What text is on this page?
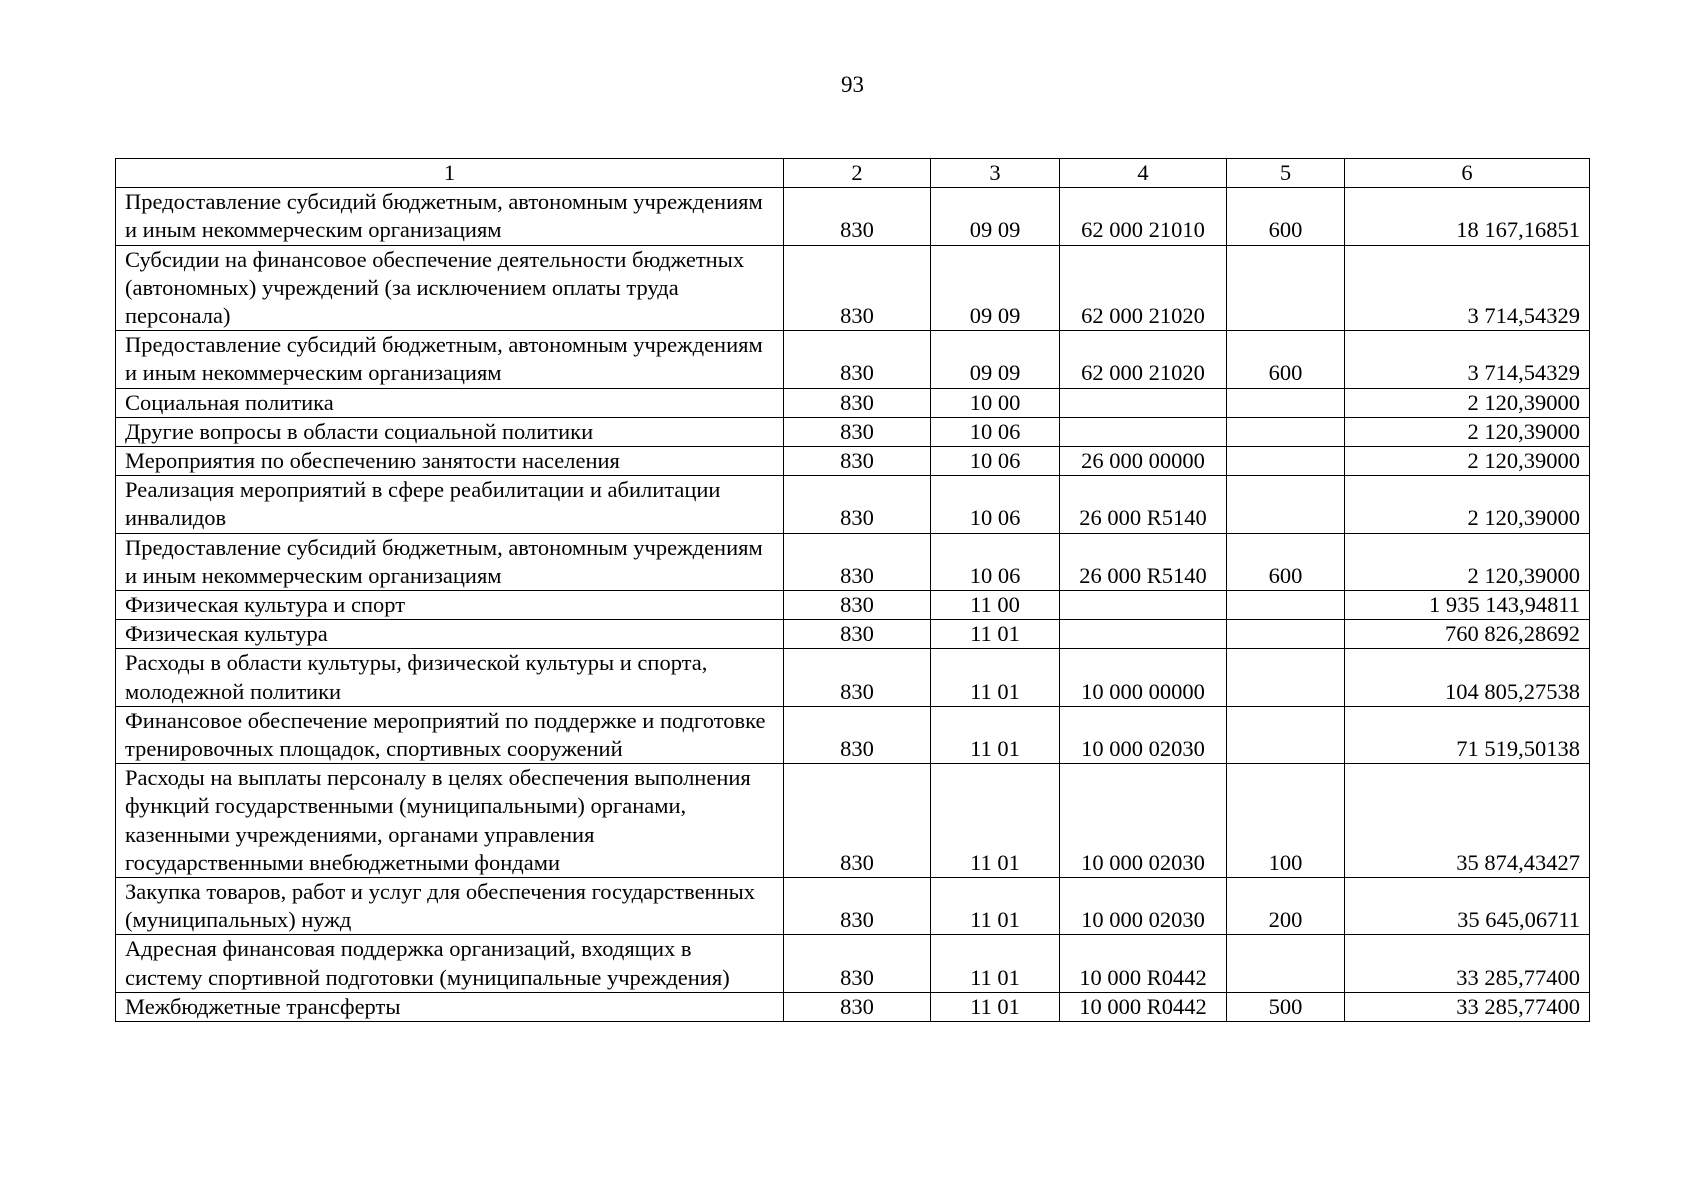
93
1	2	3	4	5	6
Предоставление субсидий бюджетным, автономным учреждениям и иным некоммерческим организациям	830	09 09	62 000 21010	600	18 167,16851
Субсидии на финансовое обеспечение деятельности бюджетных (автономных) учреждений (за исключением оплаты труда персонала)	830	09 09	62 000 21020		3 714,54329
Предоставление субсидий бюджетным, автономным учреждениям и иным некоммерческим организациям	830	09 09	62 000 21020	600	3 714,54329
Социальная политика	830	10 00			2 120,39000
Другие вопросы в области социальной политики	830	10 06			2 120,39000
Мероприятия по обеспечению занятости населения	830	10 06	26 000 00000		2 120,39000
Реализация мероприятий в сфере реабилитации и абилитации инвалидов	830	10 06	26 000 R5140		2 120,39000
Предоставление субсидий бюджетным, автономным учреждениям и иным некоммерческим организациям	830	10 06	26 000 R5140	600	2 120,39000
Физическая культура и спорт	830	11 00			1 935 143,94811
Физическая культура	830	11 01			760 826,28692
Расходы в области культуры, физической культуры и спорта, молодежной политики	830	11 01	10 000 00000		104 805,27538
Финансовое обеспечение мероприятий по поддержке и подготовке тренировочных площадок, спортивных сооружений	830	11 01	10 000 02030		71 519,50138
Расходы на выплаты персоналу в целях обеспечения выполнения функций государственными (муниципальными) органами, казенными учреждениями, органами управления государственными внебюджетными фондами	830	11 01	10 000 02030	100	35 874,43427
Закупка товаров, работ и услуг для обеспечения государственных (муниципальных) нужд	830	11 01	10 000 02030	200	35 645,06711
Адресная финансовая поддержка организаций, входящих в систему спортивной подготовки (муниципальные учреждения)	830	11 01	10 000 R0442		33 285,77400
Межбюджетные трансферты	830	11 01	10 000 R0442	500	33 285,77400
